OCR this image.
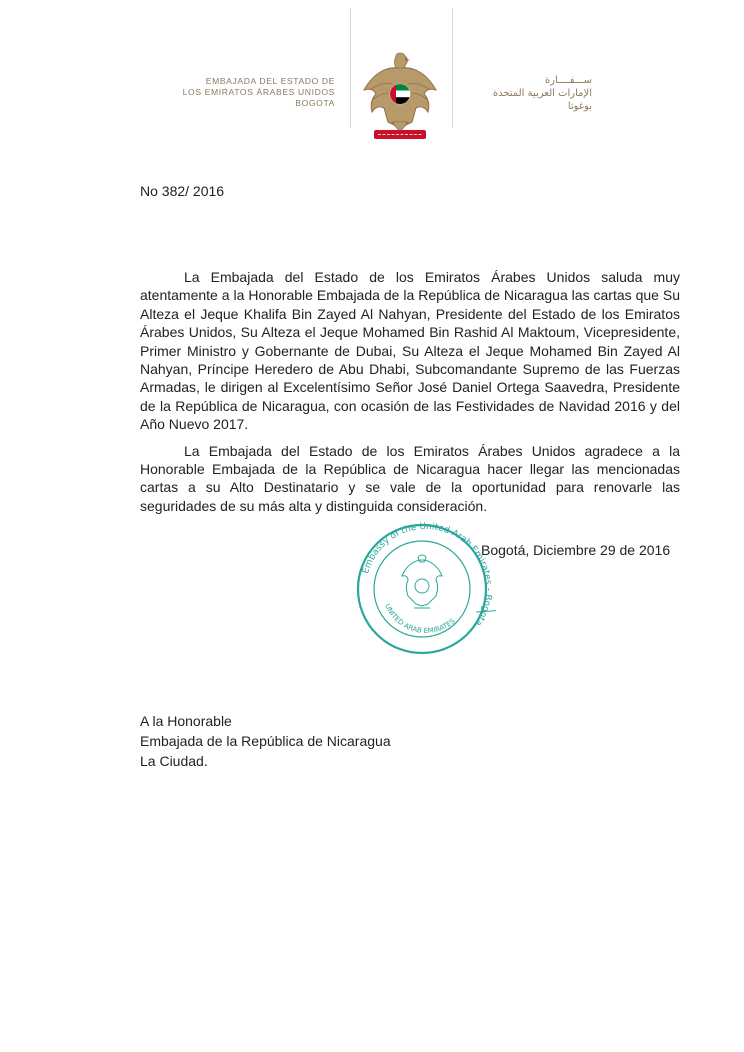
EMBAJADA DEL ESTADO DE
LOS EMIRATOS ÁRABES UNIDOS
BOGOTA
ســـفــــارة
الإمارات العربية المتحدة
بوغوتا
No 382/ 2016

La Embajada del Estado de los Emiratos Árabes Unidos saluda muy atentamente a la Honorable Embajada de la República de Nicaragua las cartas que Su Alteza el Jeque Khalifa Bin Zayed Al Nahyan, Presidente del Estado de los Emiratos Árabes Unidos, Su Alteza el Jeque Mohamed Bin Rashid Al Maktoum, Vicepresidente, Primer Ministro y Gobernante de Dubai, Su Alteza el Jeque Mohamed Bin Zayed Al Nahyan, Príncipe Heredero de Abu Dhabi, Subcomandante Supremo de las Fuerzas Armadas, le dirigen al Excelentísimo Señor José Daniel Ortega Saavedra, Presidente de la República de Nicaragua, con ocasión de las Festividades de Navidad 2016 y del Año Nuevo 2017.

La Embajada del Estado de los Emiratos Árabes Unidos agradece a la Honorable Embajada de la República de Nicaragua hacer llegar las mencionadas cartas a su Alto Destinatario y se vale de la oportunidad para renovarle las seguridades de su más alta y distinguida consideración.

Embassy of the United Arab Emirates - Bogota
UNITED ARAB EMIRATES
Bogotá, Diciembre 29 de 2016
A la Honorable
Embajada de la República de Nicaragua
La Ciudad.
